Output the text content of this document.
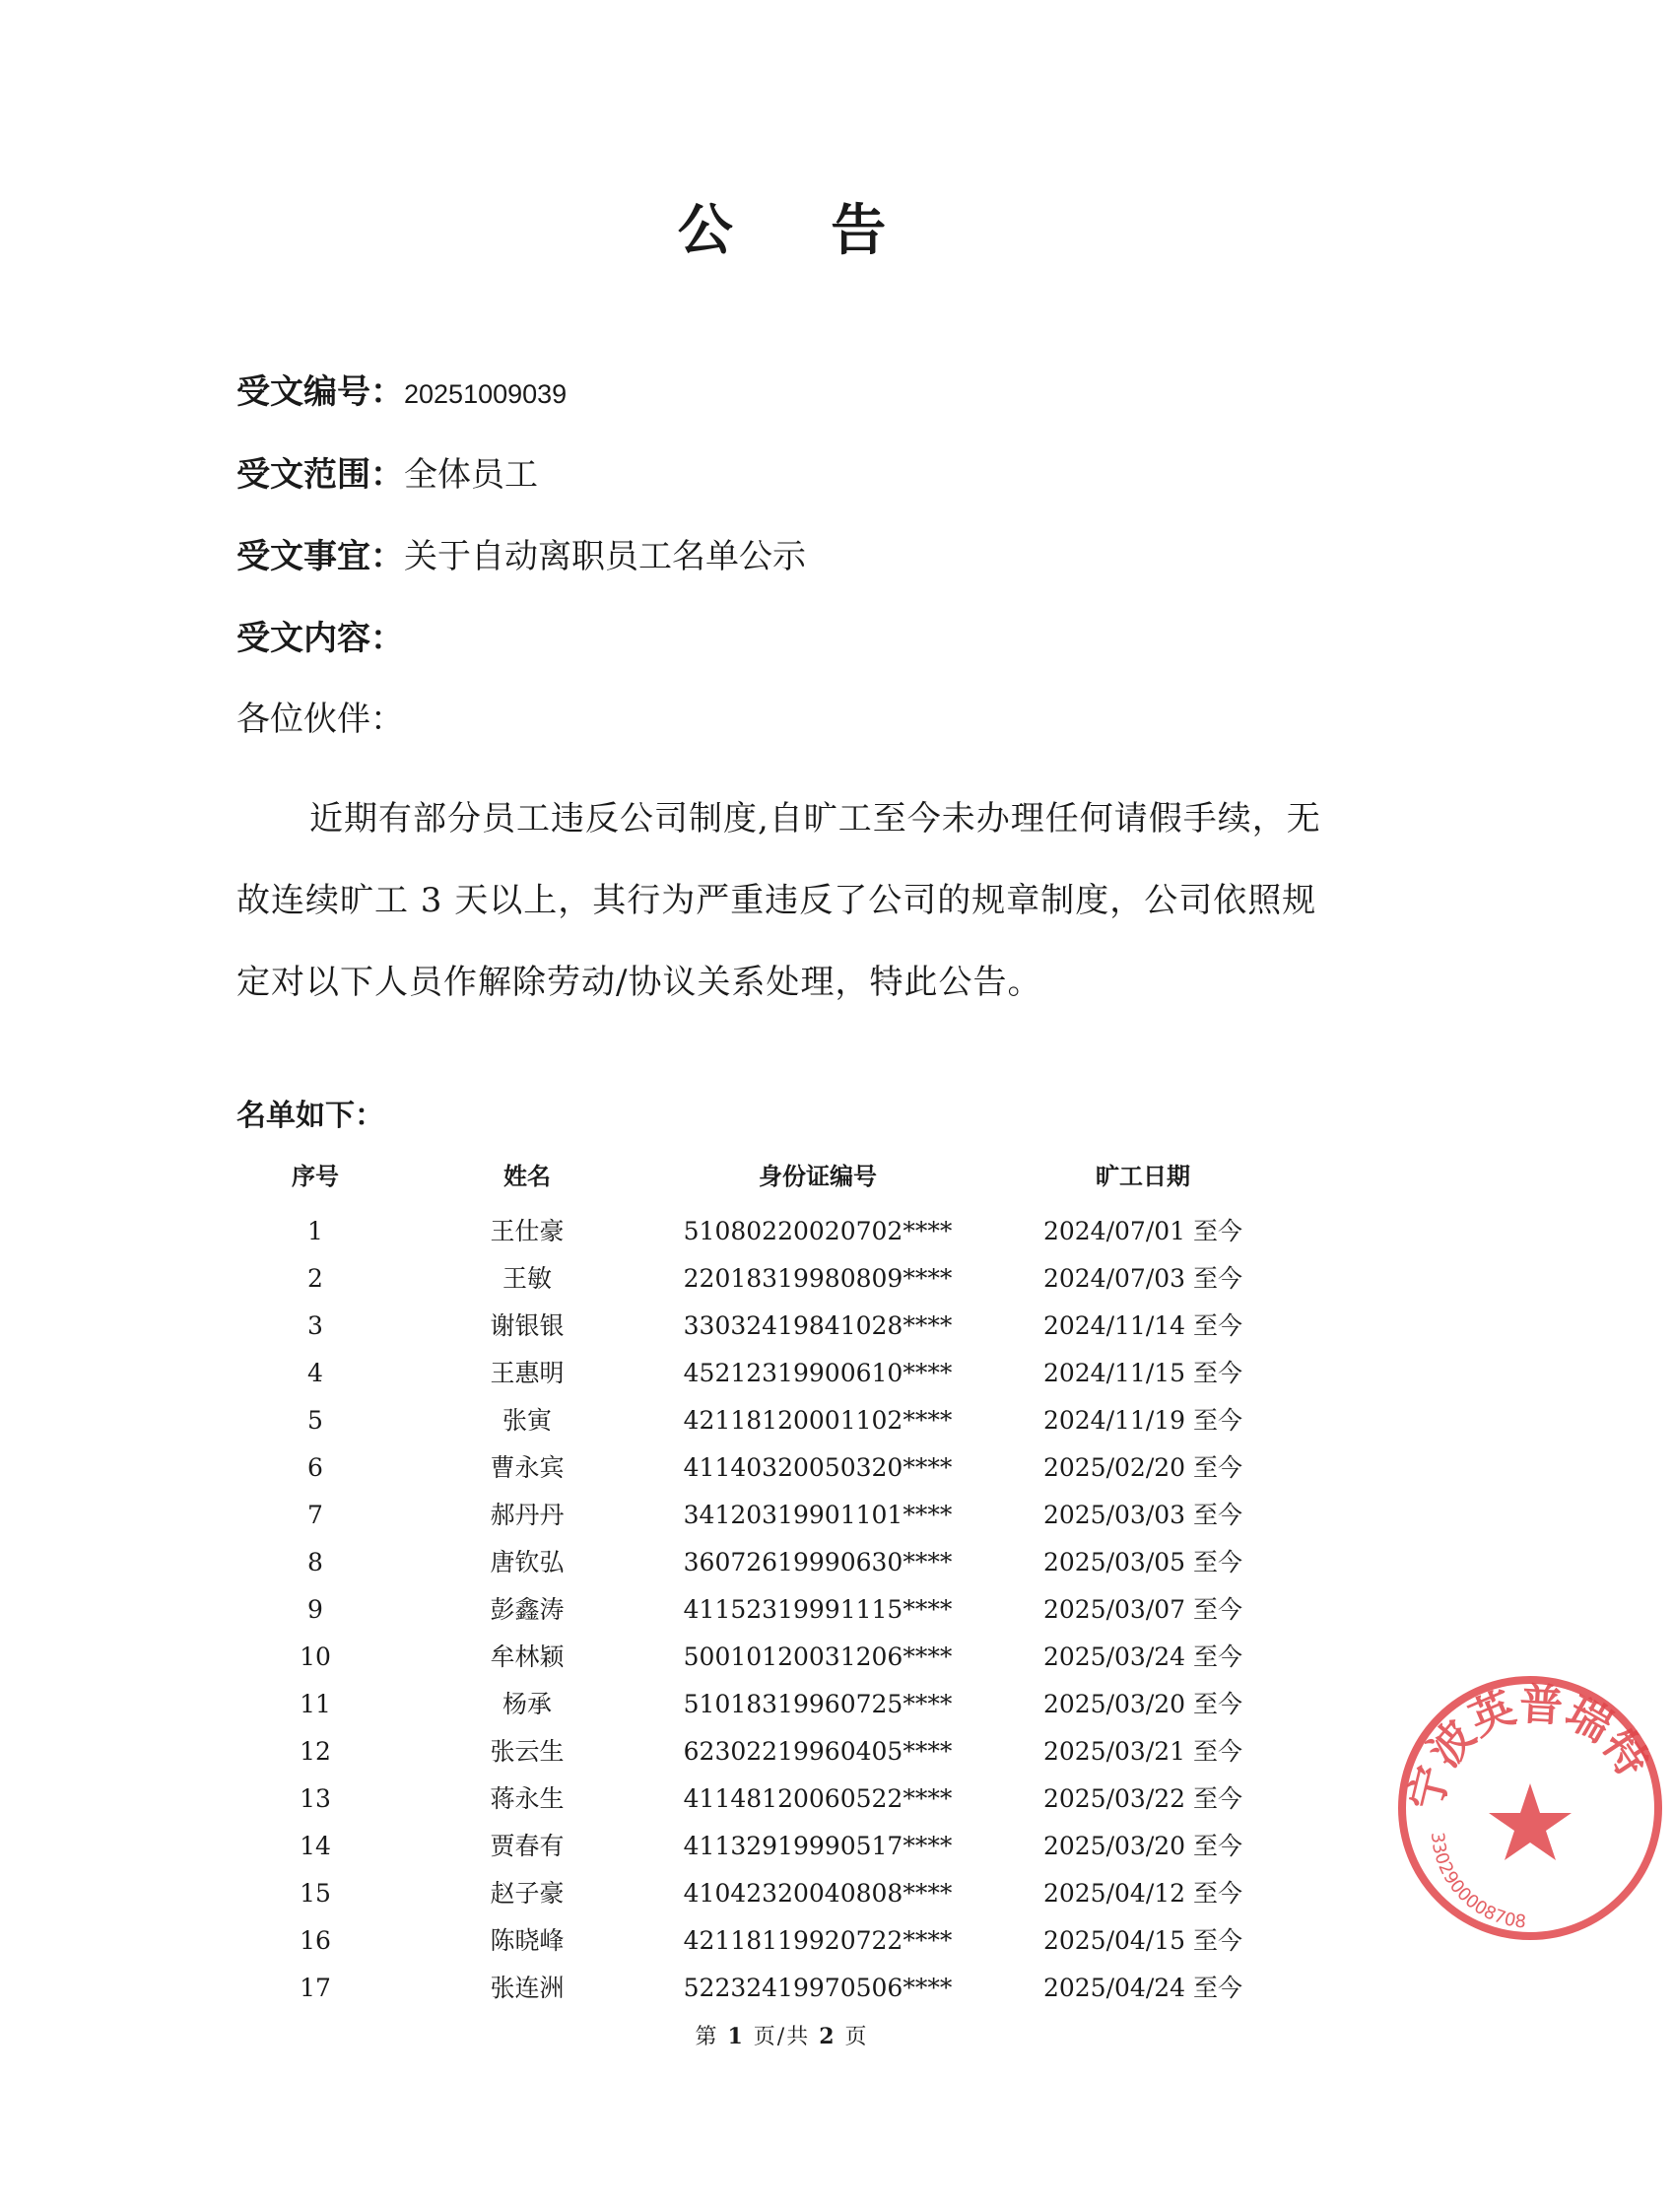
公 告
受文编号：20251009039
受文范围：全体员工
受文事宜：关于自动离职员工名单公示
受文内容：
各位伙伴：
近期有部分员工违反公司制度,自旷工至今未办理任何请假手续，无故连续旷工 3 天以上，其行为严重违反了公司的规章制度，公司依照规定对以下人员作解除劳动/协议关系处理，特此公告。
名单如下：
序号	姓名	身份证编号	旷工日期
1	王仕豪	51080220020702****	2024/07/01 至今
2	王敏	22018319980809****	2024/07/03 至今
3	谢银银	33032419841028****	2024/11/14 至今
4	王惠明	45212319900610****	2024/11/15 至今
5	张寅	42118120001102****	2024/11/19 至今
6	曹永宾	41140320050320****	2025/02/20 至今
7	郝丹丹	34120319901101****	2025/03/03 至今
8	唐钦弘	36072619990630****	2025/03/05 至今
9	彭鑫涛	41152319991115****	2025/03/07 至今
10	牟林颖	50010120031206****	2025/03/24 至今
11	杨承	51018319960725****	2025/03/20 至今
12	张云生	62302219960405****	2025/03/21 至今
13	蒋永生	41148120060522****	2025/03/22 至今
14	贾春有	41132919990517****	2025/03/20 至今
15	赵子豪	41042320040808****	2025/04/12 至今
16	陈晓峰	42118119920722****	2025/04/15 至今
17	张连洲	52232419970506****	2025/04/24 至今
第 1 页/共 2 页
宁波英普瑞特
3302900008708
